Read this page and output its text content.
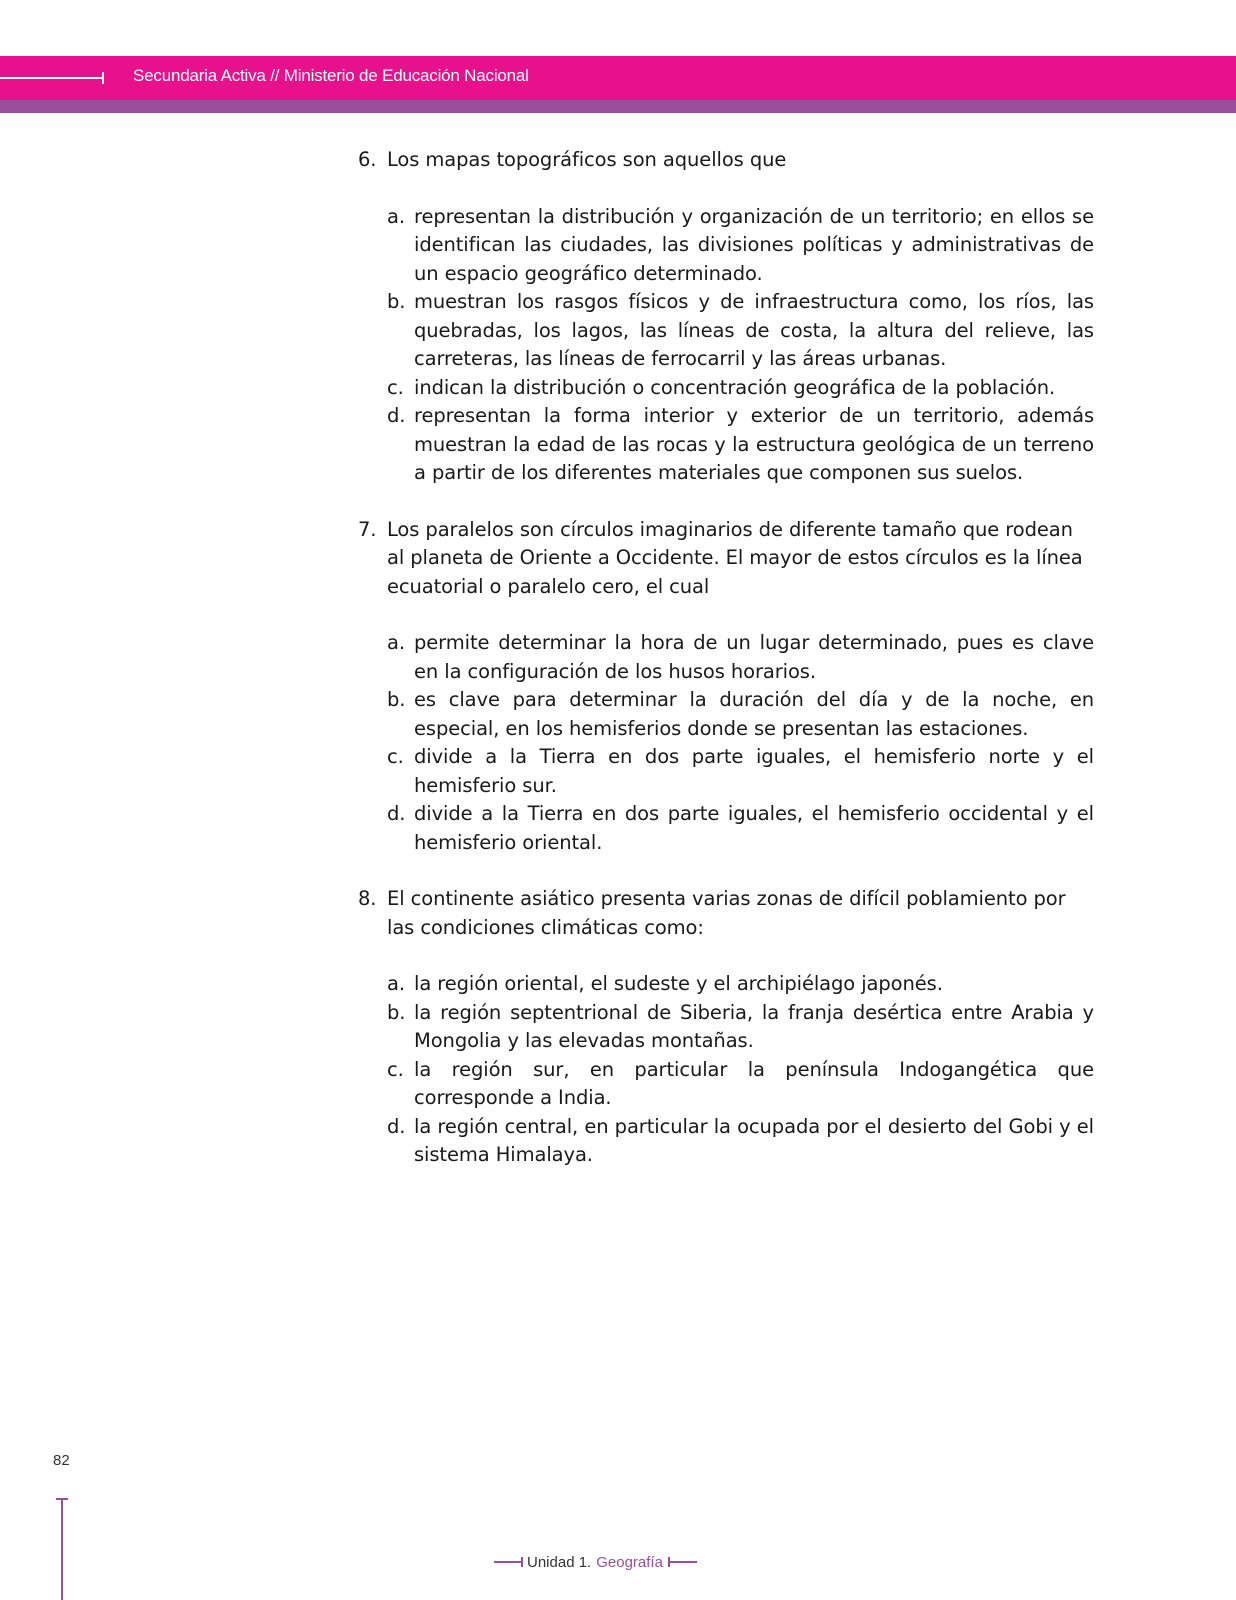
Secundaria Activa // Ministerio de Educación Nacional
6. Los mapas topográficos son aquellos que
a. representan la distribución y organización de un territorio; en ellos se identifican las ciudades, las divisiones políticas y administrativas de un espacio geográfico determinado.
b. muestran los rasgos físicos y de infraestructura como, los ríos, las quebradas, los lagos, las líneas de costa, la altura del relieve, las carreteras, las líneas de ferrocarril y las áreas urbanas.
c. indican la distribución o concentración geográfica de la población.
d. representan la forma interior y exterior de un territorio, además muestran la edad de las rocas y la estructura geológica de un terreno a partir de los diferentes materiales que componen sus suelos.
7. Los paralelos son círculos imaginarios de diferente tamaño que rodean al planeta de Oriente a Occidente. El mayor de estos círculos es la línea ecuatorial o paralelo cero, el cual
a. permite determinar la hora de un lugar determinado, pues es clave en la configuración de los husos horarios.
b. es clave para determinar la duración del día y de la noche, en especial, en los hemisferios donde se presentan las estaciones.
c. divide a la Tierra en dos parte iguales, el hemisferio norte y el hemisferio sur.
d. divide a la Tierra en dos parte iguales, el hemisferio occidental y el hemisferio oriental.
8. El continente asiático presenta varias zonas de difícil poblamiento por las condiciones climáticas como:
a. la región oriental, el sudeste y el archipiélago japonés.
b. la región septentrional de Siberia, la franja desértica entre Arabia y Mongolia y las elevadas montañas.
c. la región sur, en particular la península Indogangética que corresponde a India.
d. la región central, en particular la ocupada por el desierto del Gobi y el sistema Himalaya.
82
Unidad 1. Geografía
